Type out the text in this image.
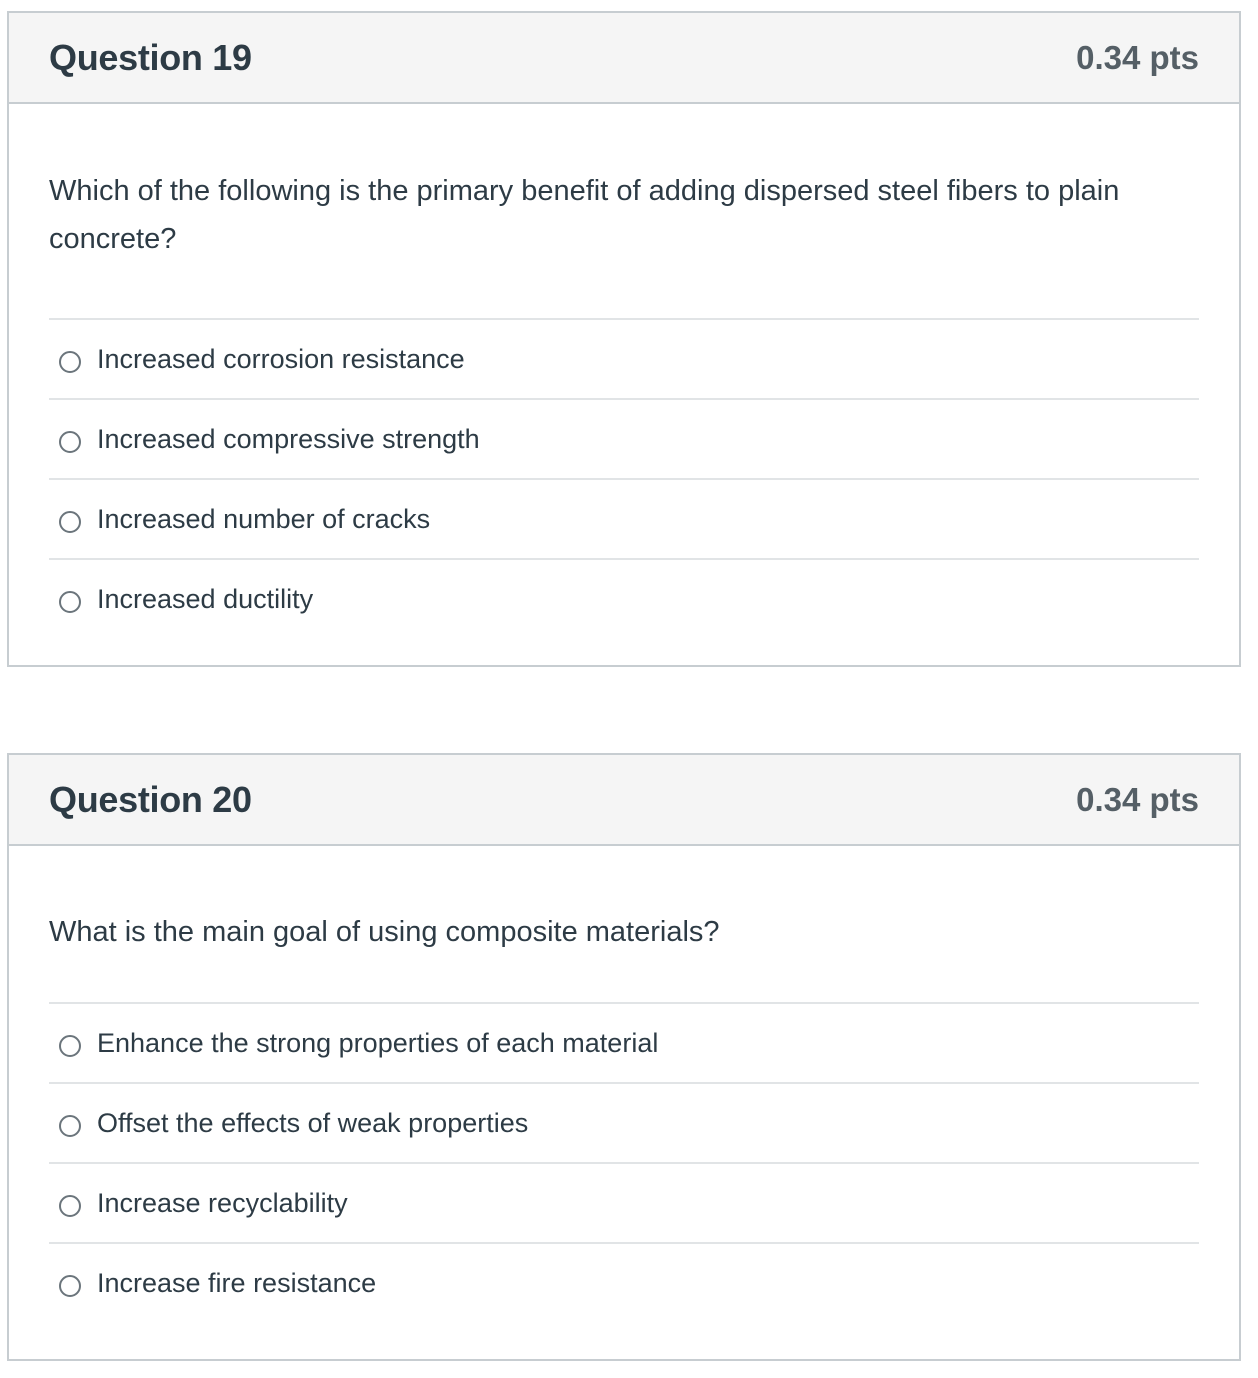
Question 19	0.34 pts

Which of the following is the primary benefit of adding dispersed steel fibers to plain concrete?

Increased corrosion resistance
Increased compressive strength
Increased number of cracks
Increased ductility
Question 20	0.34 pts

What is the main goal of using composite materials?

Enhance the strong properties of each material
Offset the effects of weak properties
Increase recyclability
Increase fire resistance
